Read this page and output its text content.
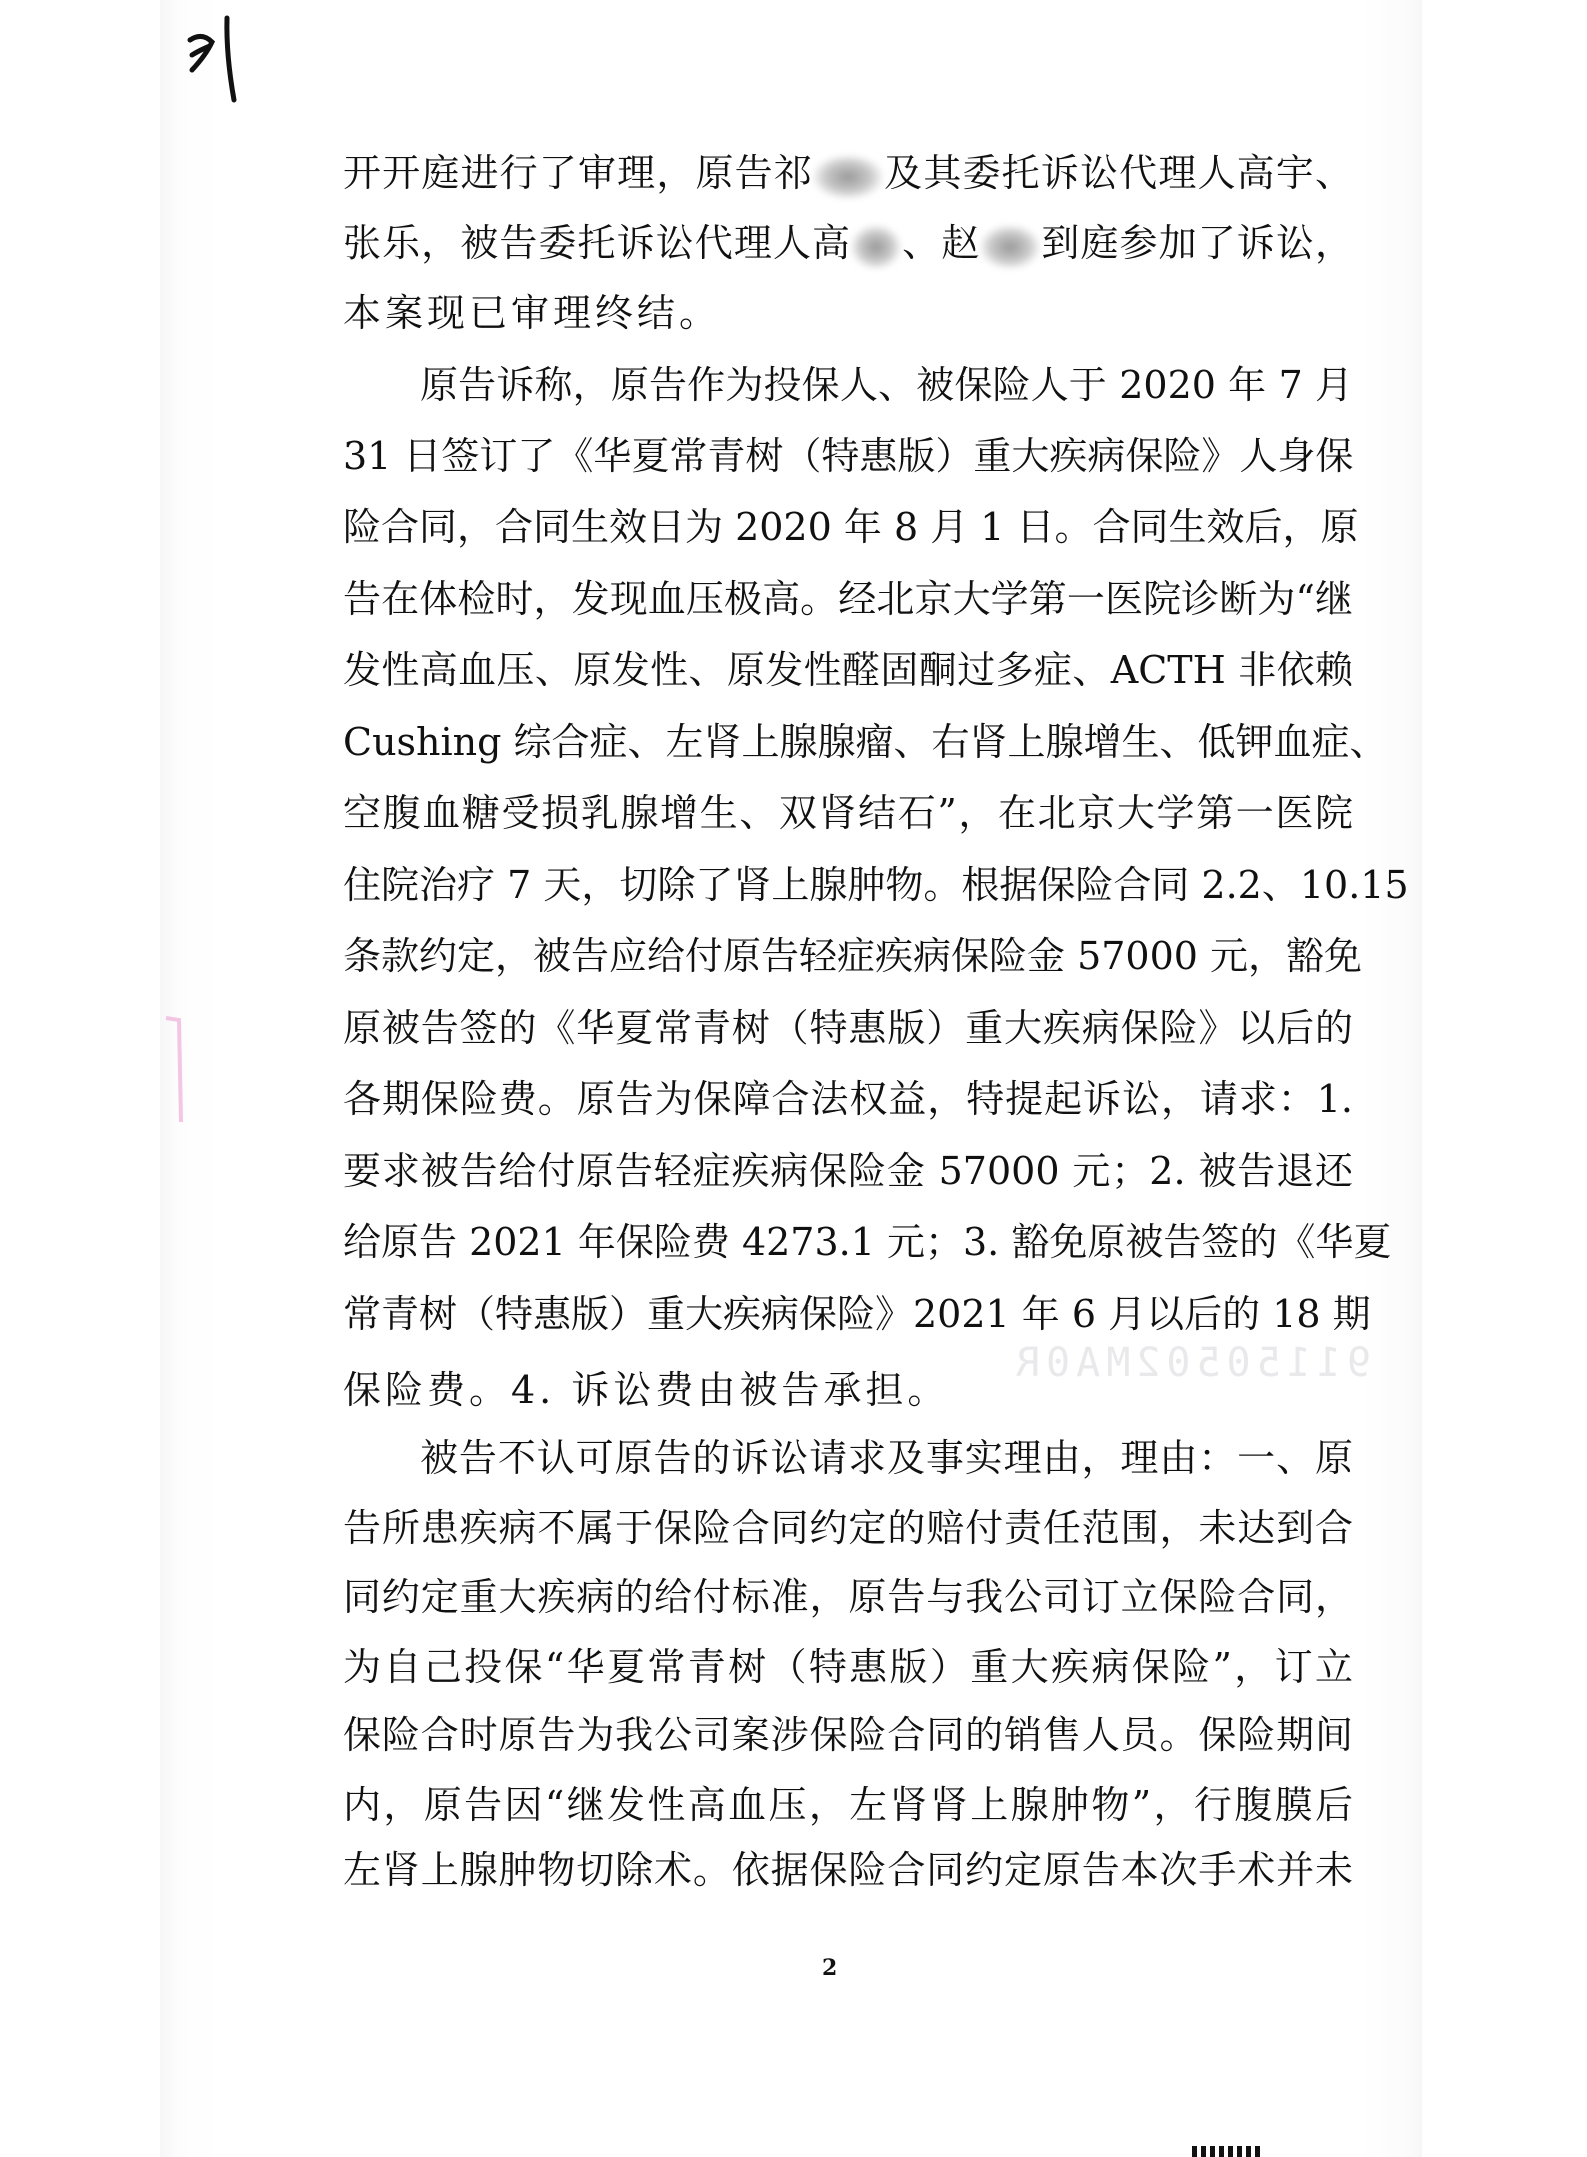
91150502MA0R
开开庭进行了审理，原告祁 及其委托诉讼代理人高宇、
张乐，被告委托诉讼代理人高 、赵 到庭参加了诉讼，
本案现已审理终结。
原告诉称，原告作为投保人、被保险人于 2020 年 7 月
31 日签订了《华夏常青树（特惠版）重大疾病保险》人身保
险合同，合同生效日为 2020 年 8 月 1 日。合同生效后，原
告在体检时，发现血压极高。经北京大学第一医院诊断为“继
发性高血压、原发性、原发性醛固酮过多症、ACTH 非依赖
Cushing 综合症、左肾上腺腺瘤、右肾上腺增生、低钾血症、
空腹血糖受损乳腺增生、双肾结石”，在北京大学第一医院
住院治疗 7 天，切除了肾上腺肿物。根据保险合同 2.2、10.15
条款约定，被告应给付原告轻症疾病保险金 57000 元，豁免
原被告签的《华夏常青树（特惠版）重大疾病保险》以后的
各期保险费。原告为保障合法权益，特提起诉讼，请求：1.
要求被告给付原告轻症疾病保险金 57000 元；2. 被告退还
给原告 2021 年保险费 4273.1 元；3. 豁免原被告签的《华夏
常青树（特惠版）重大疾病保险》2021 年 6 月以后的 18 期
保险费。4. 诉讼费由被告承担。
被告不认可原告的诉讼请求及事实理由，理由：一、原
告所患疾病不属于保险合同约定的赔付责任范围，未达到合
同约定重大疾病的给付标准，原告与我公司订立保险合同，
为自己投保“华夏常青树（特惠版）重大疾病保险”，订立
保险合时原告为我公司案涉保险合同的销售人员。保险期间
内，原告因“继发性高血压，左肾肾上腺肿物”，行腹膜后
左肾上腺肿物切除术。依据保险合同约定原告本次手术并未
2
